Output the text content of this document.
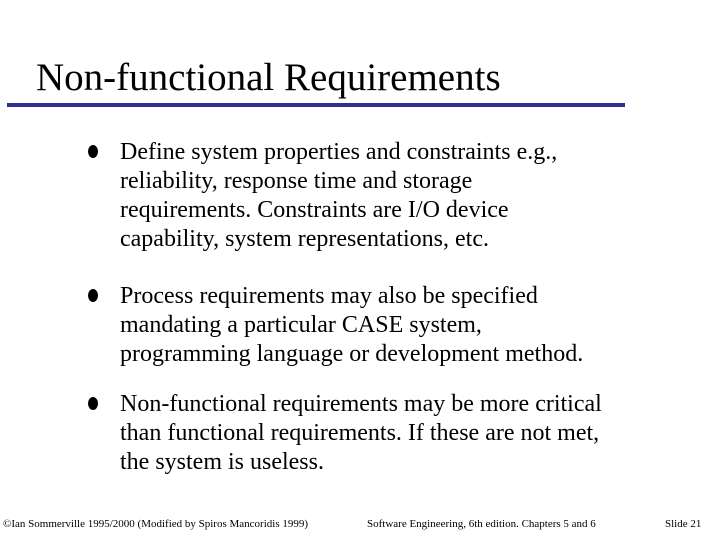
Non-functional Requirements
Define system properties and constraints e.g.,
reliability, response time and storage
requirements. Constraints are I/O device
capability, system representations, etc.
Process requirements may also be specified
mandating a particular CASE system,
programming language or development method.
Non-functional requirements may be more critical
than functional requirements. If these are not met,
the system is useless.
©Ian Sommerville 1995/2000 (Modified by Spiros Mancoridis 1999)	Software Engineering, 6th edition. Chapters 5 and 6	Slide 21
